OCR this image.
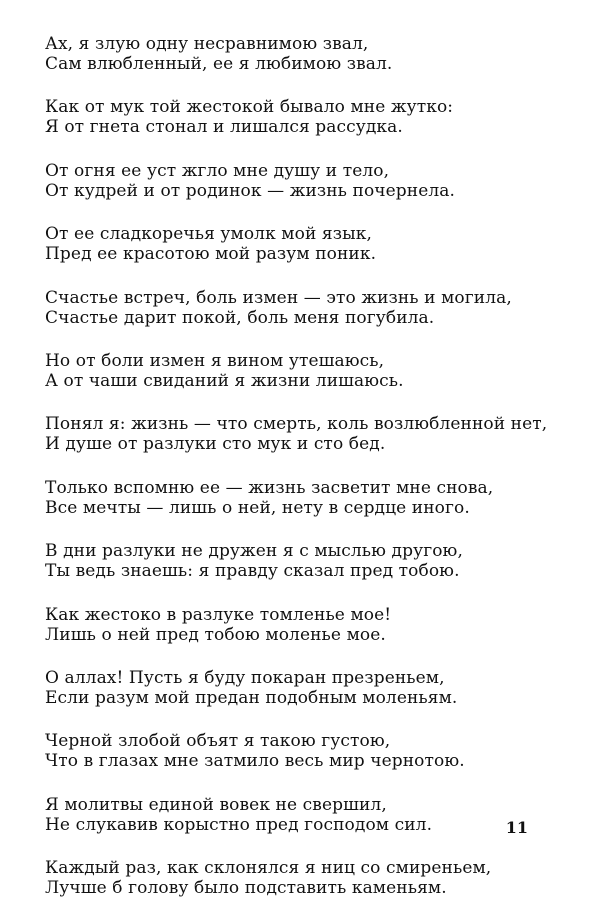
Ах, я злую одну несравнимою звал,
Сам влюбленный, ее я любимою звал.
Как от мук той жестокой бывало мне жутко:
Я от гнета стонал и лишался рассудка.
От огня ее уст жгло мне душу и тело,
От кудрей и от родинок — жизнь почернела.
От ее сладкоречья умолк мой язык,
Пред ее красотою мой разум поник.
Счастье встреч, боль измен — это жизнь и могила,
Счастье дарит покой, боль меня погубила.
Но от боли измен я вином утешаюсь,
А от чаши свиданий я жизни лишаюсь.
Понял я: жизнь — что смерть, коль возлюбленной нет,
И душе от разлуки сто мук и сто бед.
Только вспомню ее — жизнь засветит мне снова,
Все мечты — лишь о ней, нету в сердце иного.
В дни разлуки не дружен я с мыслью другою,
Ты ведь знаешь: я правду сказал пред тобою.
Как жестоко в разлуке томленье мое!
Лишь о ней пред тобою моленье мое.
О аллах! Пусть я буду покаран презреньем,
Если разум мой предан подобным моленьям.
Черной злобой объят я такою густою,
Что в глазах мне затмило весь мир чернотою.
Я молитвы единой вовек не свершил,
Не слукавив корыстно пред господом сил.
Каждый раз, как склонялся я ниц со смиреньем,
Лучше б голову было подставить каменьям.
11
